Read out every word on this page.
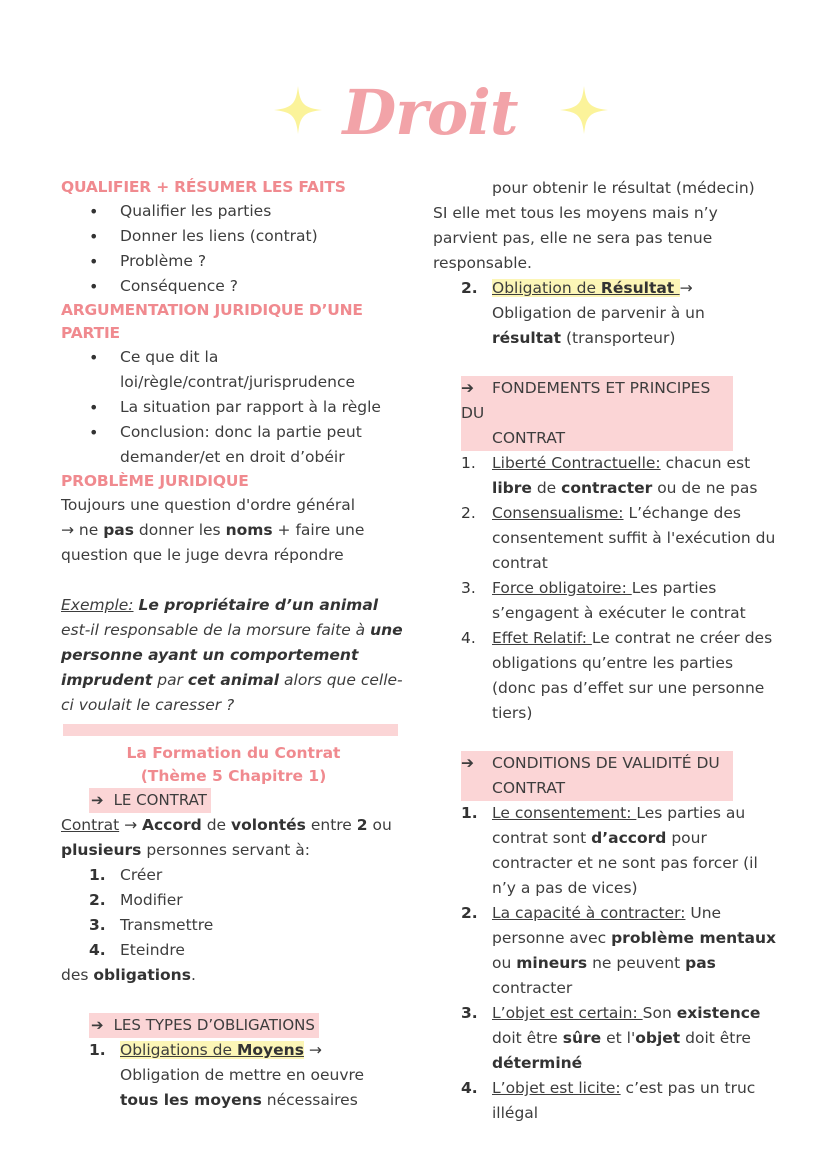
Droit
QUALIFIER + RÉSUMER LES FAITS
• Qualifier les parties
• Donner les liens (contrat)
• Problème ?
• Conséquence ?
ARGUMENTATION JURIDIQUE D’UNE PARTIE
• Ce que dit la loi/règle/contrat/jurisprudence
• La situation par rapport à la règle
• Conclusion: donc la partie peut demander/et en droit d’obéir
PROBLÈME JURIDIQUE

Toujours une question d'ordre général
→ ne pas donner les noms + faire une question que le juge devra répondre

Exemple: Le propriétaire d’un animal est-il responsable de la morsure faite à une personne ayant un comportement imprudent par cet animal alors que celle-ci voulait le caresser ?

La Formation du Contrat
(Thème 5 Chapitre 1)
➔ LE CONTRAT

Contrat → Accord de volontés entre 2 ou plusieurs personnes servant à:

1. Créer
2. Modifier
3. Transmettre
4. Eteindre

des obligations.

➔ LES TYPES D’OBLIGATIONS
1. Obligations de Moyens →
Obligation de mettre en oeuvre tous les moyens nécessaires

pour obtenir le résultat (médecin)

SI elle met tous les moyens mais n’y parvient pas, elle ne sera pas tenue responsable.

2. Obligation de Résultat →
Obligation de parvenir à un résultat (transporteur)
➔ FONDEMENTS ET PRINCIPES DU
CONTRAT
1. Liberté Contractuelle: chacun est libre de contracter ou de ne pas
2. Consensualisme: L’échange des consentement suffit à l'exécution du contrat
3. Force obligatoire: Les parties s’engagent à exécuter le contrat
4. Effet Relatif: Le contrat ne créer des obligations qu’entre les parties (donc pas d’effet sur une personne tiers)
➔ CONDITIONS DE VALIDITÉ DU
CONTRAT
1. Le consentement: Les parties au contrat sont d’accord pour contracter et ne sont pas forcer (il n’y a pas de vices)
2. La capacité à contracter: Une personne avec problème mentaux ou mineurs ne peuvent pas contracter
3. L’objet est certain: Son existence doit être sûre et l'objet doit être déterminé
4. L’objet est licite: c’est pas un truc illégal
